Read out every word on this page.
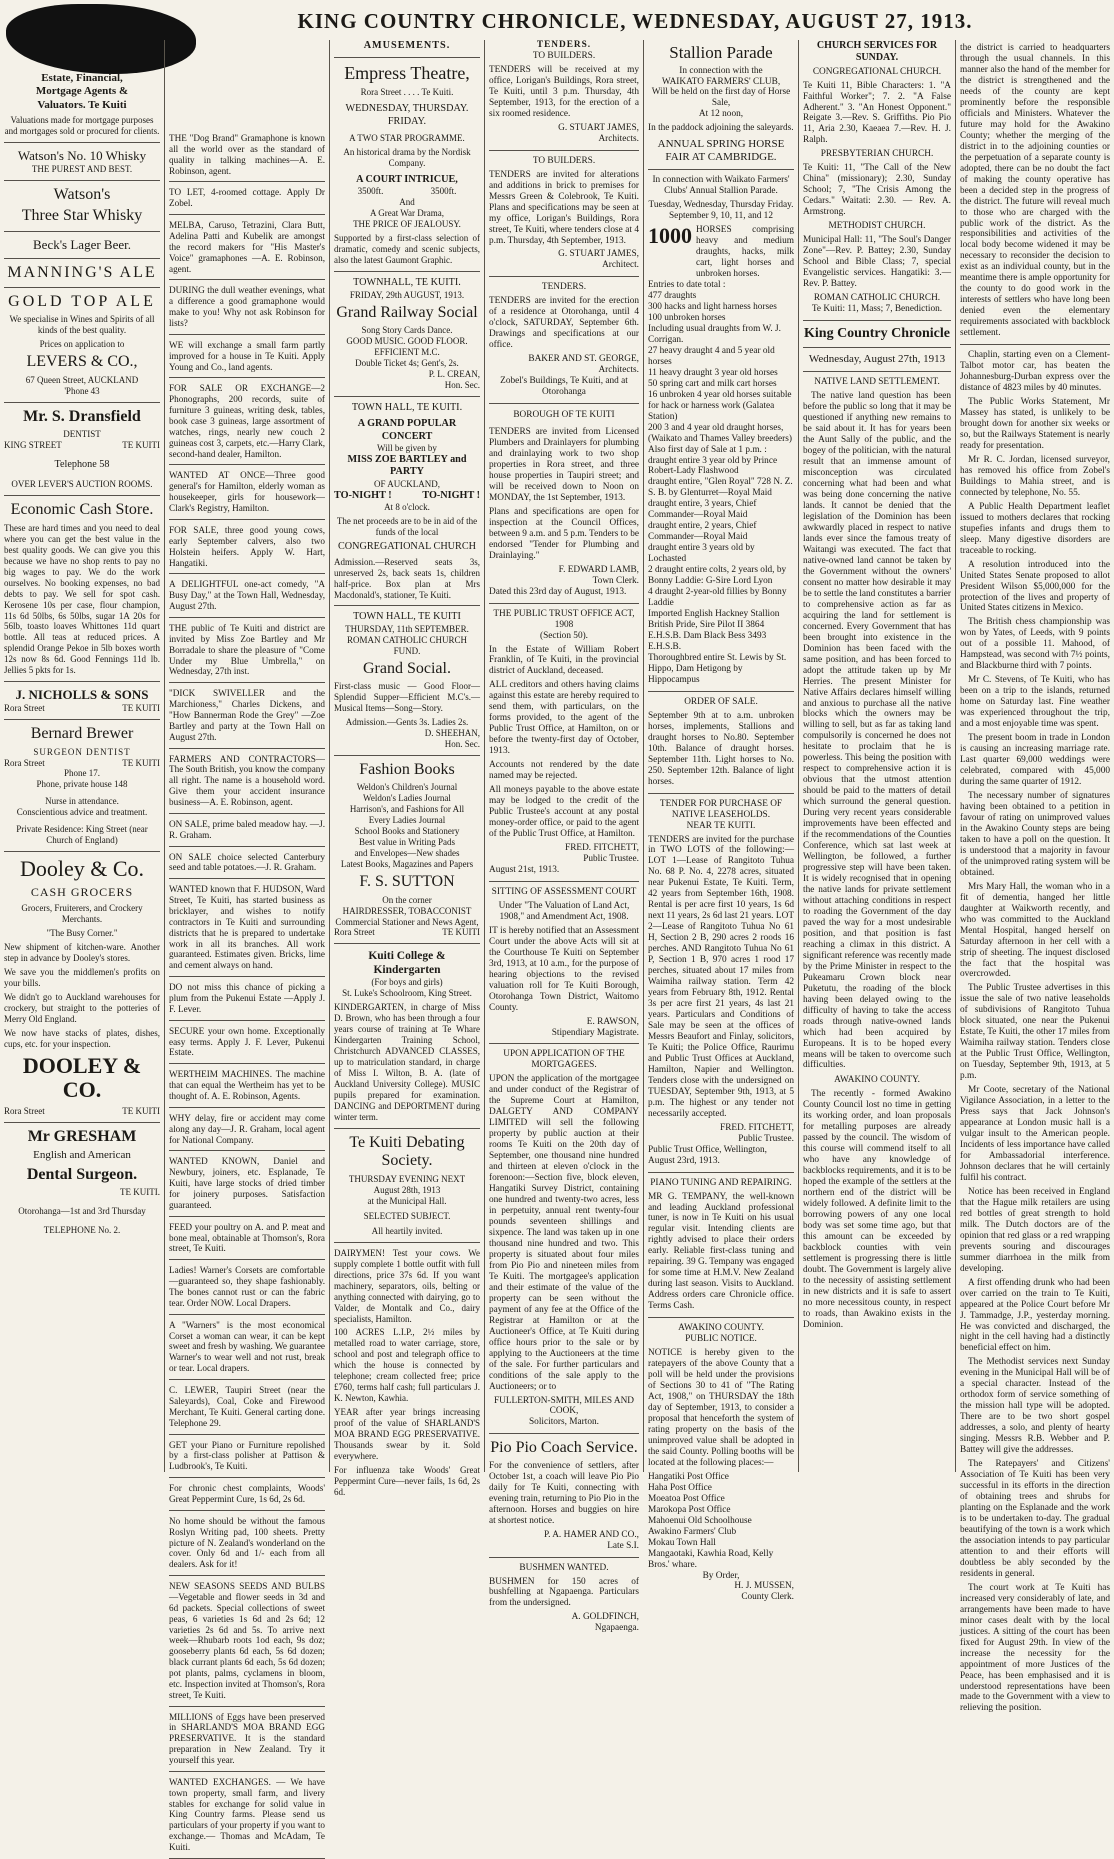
KING COUNTRY CHRONICLE, WEDNESDAY, AUGUST 27, 1913.
Estate, Financial,
Mortgage Agents &
Valuators. Te Kuiti

Valuations made for mortgage purposes and mortgages sold or procured for clients.

Watson's No. 10 Whisky
THE PUREST AND BEST.
Watson's
Three Star Whisky
Beck's Lager Beer.
MANNING'S ALE
GOLD TOP ALE

We specialise in Wines and Spirits of all kinds of the best quality.

Prices on application to

LEVERS & CO.,
67 Queen Street, AUCKLAND
'Phone 43
Mr. S. Dransfield
DENTIST
KING STREET	TE KUITI
Telephone 58
OVER LEVER'S AUCTION ROOMS.
Economic Cash Store.

These are hard times and you need to deal where you can get the best value in the best quality goods. We can give you this because we have no shop rents to pay no big wages to pay. We do the work ourselves. No booking expenses, no bad debts to pay. We sell for spot cash. Kerosene 10s per case, flour champion, 11s 6d 50lbs, 6s 50lbs, sugar 1A 20s for 56lb, toasto loaves Whittones 11d quart bottle. All teas at reduced prices. A splendid Orange Pekoe in 5lb boxes worth 12s now 8s 6d. Good Fennings 11d lb. Jellies 5 pkts for 1s.

J. NICHOLLS & SONS
Rora Street	TE KUITI
Bernard Brewer
SURGEON DENTIST
Rora Street	TE KUITI
Phone 17.
Phone, private house 148
Nurse in attendance.
Conscientious advice and treatment.
Private Residence: King Street (near Church of England)
Dooley & Co.
CASH GROCERS

Grocers, Fruiterers, and Crockery Merchants.

"The Busy Corner."

New shipment of kitchen-ware. Another step in advance by Dooley's stores.

We save you the middlemen's profits on your bills.

We didn't go to Auckland warehouses for crockery, but straight to the potteries of Merry Old England.

We now have stacks of plates, dishes, cups, etc. for your inspection.

DOOLEY & CO.
Rora Street	TE KUITI
Mr GRESHAM
English and American
Dental Surgeon.
TE KUITI.
Otorohanga—1st and 3rd Thursday
TELEPHONE No. 2.

THE "Dog Brand" Gramaphone is known all the world over as the standard of quality in talking machines—A. E. Robinson, agent.

TO LET, 4-roomed cottage. Apply Dr Zobel.

MELBA, Caruso, Tetrazini, Clara Butt, Adelina Patti and Kubelik are amongst the record makers for "His Master's Voice" gramaphones —A. E. Robinson, agent.

DURING the dull weather evenings, what a difference a good gramaphone would make to you! Why not ask Robinson for lists?

WE will exchange a small farm partly improved for a house in Te Kuiti. Apply Young and Co., land agents.

FOR SALE OR EXCHANGE—2 Phonographs, 200 records, suite of furniture 3 guineas, writing desk, tables, book case 3 guineas, large assortment of watches, rings, nearly new couch 2 guineas cost 3, carpets, etc.—Harry Clark, second-hand dealer, Hamilton.

WANTED AT ONCE—Three good general's for Hamilton, elderly woman as housekeeper, girls for housework—Clark's Registry, Hamilton.

FOR SALE, three good young cows, early September calvers, also two Holstein heifers. Apply W. Hart, Hangatiki.

A DELIGHTFUL one-act comedy, "A Busy Day," at the Town Hall, Wednesday, August 27th.

THE public of Te Kuiti and district are invited by Miss Zoe Bartley and Mr Borradale to share the pleasure of "Come Under my Blue Umbrella," on Wednesday, 27th inst.

"DICK SWIVELLER and the Marchioness," Charles Dickens, and "How Bannerman Rode the Grey" —Zoe Bartley and party at the Town Hall on August 27th.

FARMERS AND CONTRACTORS—The South British, you know the company all right. The name is a household word. Give them your accident insurance business—A. E. Robinson, agent.

ON SALE, prime baled meadow hay. —J. R. Graham.

ON SALE choice selected Canterbury seed and table potatoes.—J. R. Graham.

WANTED known that F. HUDSON, Ward Street, Te Kuiti, has started business as bricklayer, and wishes to notify contractors in Te Kuiti and surrounding districts that he is prepared to undertake work in all its branches. All work guaranteed. Estimates given. Bricks, lime and cement always on hand.

DO not miss this chance of picking a plum from the Pukenui Estate —Apply J. F. Lever.

SECURE your own home. Exceptionally easy terms. Apply J. F. Lever, Pukenui Estate.

WERTHEIM MACHINES. The machine that can equal the Wertheim has yet to be thought of. A. E. Robinson, Agents.

WHY delay, fire or accident may come along any day—J. R. Graham, local agent for National Company.

WANTED KNOWN, Daniel and Newbury, joiners, etc. Esplanade, Te Kuiti, have large stocks of dried timber for joinery purposes. Satisfaction guaranteed.

FEED your poultry on A. and P. meat and bone meal, obtainable at Thomson's, Rora street, Te Kuiti.

Ladies! Warner's Corsets are comfortable—guaranteed so, they shape fashionably. The bones cannot rust or can the fabric tear. Order NOW. Local Drapers.

A "Warners" is the most economical Corset a woman can wear, it can be kept sweet and fresh by washing. We guarantee Warner's to wear well and not rust, break or tear. Local drapers.

C. LEWER, Taupiri Street (near the Saleyards), Coal, Coke and Firewood Merchant, Te Kuiti. General carting done. Telephone 29.

GET your Piano or Furniture repolished by a first-class polisher at Pattison & Ludbrook's, Te Kuiti.

For chronic chest complaints, Woods' Great Peppermint Cure, 1s 6d, 2s 6d.

No home should be without the famous Roslyn Writing pad, 100 sheets. Pretty picture of N. Zealand's wonderland on the cover. Only 6d and 1/- each from all dealers. Ask for it!

NEW SEASONS SEEDS AND BULBS—Vegetable and flower seeds in 3d and 6d packets. Special collections of sweet peas, 6 varieties 1s 6d and 2s 6d; 12 varieties 2s 6d and 5s. To arrive next week—Rhubarb roots 1od each, 9s doz; gooseberry plants 6d each, 5s 6d dozen; black currant plants 6d each, 5s 6d dozen; pot plants, palms, cyclamens in bloom, etc. Inspection invited at Thomson's, Rora street, Te Kuiti.

MILLIONS of Eggs have been preserved in SHARLAND'S MOA BRAND EGG PRESERVATIVE. It is the standard preparation in New Zealand. Try it yourself this year.

WANTED EXCHANGES. — We have town property, small farm, and livery stables for exchange for solid value in King Country farms. Please send us particulars of your property if you want to exchange.— Thomas and McAdam, Te Kuiti.

AMUSEMENTS.
Empress Theatre,
Rora Street . . . . Te Kuiti.
WEDNESDAY, THURSDAY. FRIDAY.
A TWO STAR PROGRAMME.

An historical drama by the Nordisk Company.

A COURT INTRICUE,
3500ft.	3500ft.
And
A Great War Drama,
THE PRICE OF JEALOUSY.

Supported by a first-class selection of dramatic, comedy and scenic subjects, also the latest Gaumont Graphic.

TOWNHALL, TE KUITI.
FRIDAY, 29th AUGUST, 1913.
Grand Railway Social
Song Story Cards Dance.
GOOD MUSIC. GOOD FLOOR. EFFICIENT M.C.
Double Ticket 4s; Gent's, 2s.
P. L. CREAN,
Hon. Sec.
TOWN HALL, TE KUITI.
A GRAND POPULAR CONCERT
Will be given by
MISS ZOE BARTLEY and PARTY
OF AUCKLAND,
TO-NIGHT !	TO-NIGHT !
At 8 o'clock.

The net proceeds are to be in aid of the funds of the local

CONGREGATIONAL CHURCH

Admission.—Reserved seats 3s, unreserved 2s, back seats 1s, children half-price. Box plan at Mrs Macdonald's, stationer, Te Kuiti.

TOWN HALL, TE KUITI
THURSDAY, 11th SEPTEMBER.
ROMAN CATHOLIC CHURCH FUND.
Grand Social.

First-class music — Good Floor— Splendid Supper—Efficient M.C's.— Musical Items—Song—Story.

Admission.—Gents 3s. Ladies 2s.
D. SHEEHAN,
Hon. Sec.
Fashion Books
Weldon's Children's Journal
Weldon's Ladies Journal
Harrison's, and Fashions for All
Every Ladies Journal
School Books and Stationery
Best value in Writing Pads
and Envelopes—New shades
Latest Books, Magazines and Papers
F. S. SUTTON
On the corner
HAIRDRESSER, TOBACCONIST
Commercial Stationer and News Agent,
Rora Street	TE KUITI
Kuiti College & Kindergarten
(For boys and girls)
St. Luke's Schoolroom, King Street.

KINDERGARTEN, in charge of Miss D. Brown, who has been through a four years course of training at Te Whare Kindergarten Training School, Christchurch ADVANCED CLASSES, up to matriculation standard, in charge of Miss I. Wilton, B. A. (late of Auckland University College). MUSIC pupils prepared for examination. DANCING and DEPORTMENT during winter term.

Te Kuiti Debating Society.
THURSDAY EVENING NEXT
August 28th, 1913
at the Municipal Hall.
SELECTED SUBJECT.
All heartily invited.

DAIRYMEN! Test your cows. We supply complete 1 bottle outfit with full directions, price 37s 6d. If you want machinery, separators, oils, belting or anything connected with dairying, go to Valder, de Montalk and Co., dairy specialists, Hamilton.

100 ACRES L.I.P., 2½ miles by metalled road to water carriage, store, school and post and telegraph office to which the house is connected by telephone; cream collected free; price £760, terms half cash; full particulars J. K. Newton, Kawhia.

YEAR after year brings increasing proof of the value of SHARLAND'S MOA BRAND EGG PRESERVATIVE. Thousands swear by it. Sold everywhere.

For influenza take Woods' Great Peppermint Cure—never fails, 1s 6d, 2s 6d.

TENDERS.
TO BUILDERS.

TENDERS will be received at my office, Lorigan's Buildings, Rora street, Te Kuiti, until 3 p.m. Thursday, 4th September, 1913, for the erection of a six roomed residence.

G. STUART JAMES,
Architects.
TO BUILDERS.

TENDERS are invited for alterations and additions in brick to premises for Messrs Green & Colebrook, Te Kuiti. Plans and specifications may be seen at my office, Lorigan's Buildings, Rora street, Te Kuiti, where tenders close at 4 p.m. Thursday, 4th September, 1913.

G. STUART JAMES,
Architect.
TENDERS.

TENDERS are invited for the erection of a residence at Otorohanga, until 4 o'clock, SATURDAY, September 6th. Drawings and specifications at our office.

BAKER AND ST. GEORGE,
Architects.
Zobel's Buildings, Te Kuiti, and at Otorohanga
BOROUGH OF TE KUITI

TENDERS are invited from Licensed Plumbers and Drainlayers for plumbing and drainlaying work to two shop properties in Rora street, and three house properties in Taupiri street; and will be received down to Noon on MONDAY, the 1st September, 1913.

Plans and specifications are open for inspection at the Council Offices, between 9 a.m. and 5 p.m. Tenders to be endorsed "Tender for Plumbing and Drainlaying."

F. EDWARD LAMB,
Town Clerk.
Dated this 23rd day of August, 1913.
THE PUBLIC TRUST OFFICE ACT, 1908
(Section 50).

In the Estate of William Robert Franklin, of Te Kuiti, in the provincial district of Auckland, deceased.

ALL creditors and others having claims against this estate are hereby required to send them, with particulars, on the forms provided, to the agent of the Public Trust Office, at Hamilton, on or before the twenty-first day of October, 1913.

Accounts not rendered by the date named may be rejected.

All moneys payable to the above estate may be lodged to the credit of the Public Trustee's account at any postal money-order office, or paid to the agent of the Public Trust Office, at Hamilton.

FRED. FITCHETT,
Public Trustee.
August 21st, 1913.
SITTING OF ASSESSMENT COURT

Under "The Valuation of Land Act, 1908," and Amendment Act, 1908.

IT is hereby notified that an Assessment Court under the above Acts will sit at the Courthouse Te Kuiti on September 3rd, 1913, at 10 a.m., for the purpose of hearing objections to the revised valuation roll for Te Kuiti Borough, Otorohanga Town District, Waitomo County.

E. RAWSON,
Stipendiary Magistrate.
UPON APPLICATION OF THE MORTGAGEES.

UPON the application of the mortgagee and under conduct of the Registrar of the Supreme Court at Hamilton, DALGETY AND COMPANY LIMITED will sell the following property by public auction at their rooms Te Kuiti on the 20th day of September, one thousand nine hundred and thirteen at eleven o'clock in the forenoon:—Section five, block eleven, Hangatiki Survey District, containing one hundred and twenty-two acres, less in perpetuity, annual rent twenty-four pounds seventeen shillings and sixpence. The land was taken up in one thousand nine hundred and two. This property is situated about four miles from Pio Pio and nineteen miles from Te Kuiti. The mortgagee's application and their estimate of the value of the property can be seen without the payment of any fee at the Office of the Registrar at Hamilton or at the Auctioneer's Office, at Te Kuiti during office hours prior to the sale or by applying to the Auctioneers at the time of the sale. For further particulars and conditions of the sale apply to the Auctioneers; or to

FULLERTON-SMITH, MILES AND COOK,
Solicitors, Marton.
Pio Pio Coach Service.

For the convenience of settlers, after October 1st, a coach will leave Pio Pio daily for Te Kuiti, connecting with evening train, returning to Pio Pio in the afternoon. Horses and buggies on hire at shortest notice.

P. A. HAMER AND CO.,
Late S.I.
BUSHMEN WANTED.

BUSHMEN for 150 acres of bushfelling at Ngapaenga. Particulars from the undersigned.

A. GOLDFINCH,
Ngapaenga.
Stallion Parade
In connection with the
WAIKATO FARMERS' CLUB,
Will be held on the first day of Horse Sale,
At 12 noon,

In the paddock adjoining the saleyards.

ANNUAL SPRING HORSE FAIR AT CAMBRIDGE.

In connection with Waikato Farmers' Clubs' Annual Stallion Parade.

Tuesday, Wednesday, Thursday Friday. September 9, 10, 11, and 12

1000 HORSES comprising heavy and medium draughts, hacks, milk cart, light horses and unbroken horses.
Entries to date total :
477 draughts
300 hacks and light harness horses
100 unbroken horses
Including usual draughts from W. J. Corrigan.
27 heavy draught 4 and 5 year old horses
11 heavy draught 3 year old horses
50 spring cart and milk cart horses
16 unbroken 4 year old horses suitable for hack or harness work (Galatea Station)
200 3 and 4 year old draught horses, (Waikato and Thames Valley breeders)
Also first day of Sale at 1 p.m. :
draught entire 3 year old by Prince Robert-Lady Flashwood
draught entire, "Glen Royal" 728 N. Z. S. B. by Glenturret—Royal Maid
draught entire, 3 years, Chief Commander—Royal Maid
draught entire, 2 years, Chief Commander—Royal Maid
draught entire 3 years old by Lochasted
2 draught entire colts, 2 years old, by Bonny Laddie: G-Sire Lord Lyon
4 draught 2-year-old fillies by Bonny Laddie
Imported English Hackney Stallion British Pride, Sire Pilot II 3864 E.H.S.B. Dam Black Bess 3493 E.H.S.B.
Thoroughbred entire St. Lewis by St. Hippo, Dam Hetigong by Hippocampus
ORDER OF SALE.

September 9th at to a.m. unbroken horses, implements, Stallions and draught horses to No.80. September 10th. Balance of draught horses. September 11th. Light horses to No. 250. September 12th. Balance of light horses.

TENDER FOR PURCHASE OF NATIVE LEASEHOLDS.
NEAR TE KUITI.

TENDERS are invited for the purchase in TWO LOTS of the following:— LOT 1—Lease of Rangitoto Tuhua No. 68 P. No. 4, 2278 acres, situated near Pukenui Estate, Te Kuiti. Term, 42 years from September 16th, 1908. Rental is per acre first 10 years, 1s 6d next 11 years, 2s 6d last 21 years. LOT 2—Lease of Rangitoto Tuhua No 61 H, Section 2 B, 290 acres 2 roods 16 perches. AND Rangitoto Tuhua No 61 P, Section 1 B, 970 acres 1 rood 17 perches, situated about 17 miles from Waimiha railway station. Term 42 years from February 8th, 1912. Rental 3s per acre first 21 years, 4s last 21 years. Particulars and Conditions of Sale may be seen at the offices of Messrs Beaufort and Finlay, solicitors, Te Kuiti; the Police Office, Raurimu and Public Trust Offices at Auckland, Hamilton, Napier and Wellington. Tenders close with the undersigned on TUESDAY, September 9th, 1913, at 5 p.m. The highest or any tender not necessarily accepted.

FRED. FITCHETT,
Public Trustee.
Public Trust Office, Wellington, August 23rd, 1913.
PIANO TUNING AND REPAIRING.

MR G. TEMPANY, the well-known and leading Auckland professional tuner, is now in Te Kuiti on his usual regular visit. Intending clients are rightly advised to place their orders early. Reliable first-class tuning and repairing. 39 G. Tempany was engaged for some time at H.M.V. New Zealand during last season. Visits to Auckland. Address orders care Chronicle office. Terms Cash.

AWAKINO COUNTY.
PUBLIC NOTICE.

NOTICE is hereby given to the ratepayers of the above County that a poll will be held under the provisions of Sections 30 to 41 of "The Rating Act, 1908," on THURSDAY the 18th day of September, 1913, to consider a proposal that henceforth the system of rating property on the basis of the unimproved value shall be adopted in the said County. Polling booths will be located at the following places:—

Hangatiki Post Office
Haha Post Office
Moeatoa Post Office
Marokopa Post Office
Mahoenui Old Schoolhouse
Awakino Farmers' Club
Mokau Town Hall
Mangaotaki, Kawhia Road, Kelly Bros.' whare.
By Order,
H. J. MUSSEN,
County Clerk.
CHURCH SERVICES FOR SUNDAY.
CONGREGATIONAL CHURCH.

Te Kuiti 11, Bible Characters: 1. "A Faithful Worker"; 7. 2. "A False Adherent." 3. "An Honest Opponent." Reigate 3.—Rev. S. Griffiths. Pio Pio 11, Aria 2.30, Kaeaea 7.—Rev. H. J. Ralph.

PRESBYTERIAN CHURCH.

Te Kuiti: 11, "The Call of the New China" (missionary); 2.30, Sunday School; 7, "The Crisis Among the Cedars." Waitati: 2.30. — Rev. A. Armstrong.

METHODIST CHURCH.

Municipal Hall: 11, "The Soul's Danger Zone"—Rev. P. Battey; 2.30, Sunday School and Bible Class; 7, special Evangelistic services. Hangatiki: 3.—Rev. P. Battey.

ROMAN CATHOLIC CHURCH.
Te Kuiti: 11, Mass; 7, Benediction.
King Country Chronicle
Wednesday, August 27th, 1913
NATIVE LAND SETTLEMENT.

The native land question has been before the public so long that it may be questioned if anything new remains to be said about it. It has for years been the Aunt Sally of the public, and the bogey of the politician, with the natural result that an immense amount of misconception was circulated concerning what had been and what was being done concerning the native lands. It cannot be denied that the legislation of the Dominion has been awkwardly placed in respect to native lands ever since the famous treaty of Waitangi was executed. The fact that native-owned land cannot be taken by the Government without the owners' consent no matter how desirable it may be to settle the land constitutes a barrier to comprehensive action as far as acquiring the land for settlement is concerned. Every Government that has been brought into existence in the Dominion has been faced with the same position, and has been forced to adopt the attitude taken up by Mr Herries. The present Minister for Native Affairs declares himself willing and anxious to purchase all the native blocks which the owners may be willing to sell, but as far as taking land compulsorily is concerned he does not hesitate to proclaim that he is powerless. This being the position with respect to comprehensive action it is obvious that the utmost attention should be paid to the matters of detail which surround the general question. During very recent years considerable improvements have been effected and if the recommendations of the Counties Conference, which sat last week at Wellington, be followed, a further progressive step will have been taken. It is widely recognised that in opening the native lands for private settlement without attaching conditions in respect to roading the Government of the day paved the way for a most undesirable position, and that position is fast reaching a climax in this district. A significant reference was recently made by the Prime Minister in respect to the Pukeamaru Crown block near Puketutu, the roading of the block having been delayed owing to the difficulty of having to take the access roads through native-owned lands which had been acquired by Europeans. It is to be hoped every means will be taken to overcome such difficulties.

AWAKINO COUNTY.

The recently - formed Awakino County Council lost no time in getting its working order, and loan proposals for metalling purposes are already passed by the council. The wisdom of this course will commend itself to all who have any knowledge of backblocks requirements, and it is to be hoped the example of the settlers at the northern end of the district will be widely followed. A definite limit to the borrowing powers of any one local body was set some time ago, but that this amount can be exceeded by backblock counties with vein settlement is progressing there is little doubt. The Government is largely alive to the necessity of assisting settlement in new districts and it is safe to assert no more necessitous county, in respect to roads, than Awakino exists in the Dominion.

the district is carried to headquarters through the usual channels. In this manner also the hand of the member for the district is strengthened and the needs of the county are kept prominently before the responsible officials and Ministers. Whatever the future may hold for the Awakino County; whether the merging of the district in to the adjoining counties or the perpetuation of a separate county is adopted, there can be no doubt the fact of making the county operative has been a decided step in the progress of the district. The future will reveal much to those who are charged with the public work of the district. As the responsibilities and activities of the local body become widened it may be necessary to reconsider the decision to exist as an individual county, but in the meantime there is ample opportunity for the county to do good work in the interests of settlers who have long been denied even the elementary requirements associated with backblock settlement.

Chaplin, starting even on a Clement-Talbot motor car, has beaten the Johannesburg-Durban express over the distance of 4823 miles by 40 minutes.

The Public Works Statement, Mr Massey has stated, is unlikely to be brought down for another six weeks or so, but the Railways Statement is nearly ready for presentation.

Mr R. C. Jordan, licensed surveyor, has removed his office from Zobel's Buildings to Mahia street, and is connected by telephone, No. 55.

A Public Health Department leaflet issued to mothers declares that rocking stupefies infants and drugs them to sleep. Many digestive disorders are traceable to rocking.

A resolution introduced into the United States Senate proposed to allot President Wilson $5,000,000 for the protection of the lives and property of United States citizens in Mexico.

The British chess championship was won by Yates, of Leeds, with 9 points out of a possible 11. Mahood, of Hampstead, was second with 7½ points, and Blackburne third with 7 points.

Mr C. Stevens, of Te Kuiti, who has been on a trip to the islands, returned home on Saturday last. Fine weather was experienced throughout the trip, and a most enjoyable time was spent.

The present boom in trade in London is causing an increasing marriage rate. Last quarter 69,000 weddings were celebrated, compared with 45,000 during the same quarter of 1912.

The necessary number of signatures having been obtained to a petition in favour of rating on unimproved values in the Awakino County steps are being taken to have a poll on the question. It is understood that a majority in favour of the unimproved rating system will be obtained.

Mrs Mary Hall, the woman who in a fit of dementia, hanged her little daughter at Waikworth recently, and who was committed to the Auckland Mental Hospital, hanged herself on Saturday afternoon in her cell with a strip of sheeting. The inquest disclosed the fact that the hospital was overcrowded.

The Public Trustee advertises in this issue the sale of two native leaseholds of subdivisions of Rangitoto Tuhua block situated, one near the Pukenui Estate, Te Kuiti, the other 17 miles from Waimiha railway station. Tenders close at the Public Trust Office, Wellington, on Tuesday, September 9th, 1913, at 5 p.m.

Mr Coote, secretary of the National Vigilance Association, in a letter to the Press says that Jack Johnson's appearance at London music hall is a vulgar insult to the American people. Incidents of less importance have called for Ambassadorial interference. Johnson declares that he will certainly fulfil his contract.

Notice has been received in England that the Hague milk retailers are using red bottles of great strength to hold milk. The Dutch doctors are of the opinion that red glass or a red wrapping prevents souring and discourages summer diarrhoea in the milk from developing.

A first offending drunk who had been over carried on the train to Te Kuiti, appeared at the Police Court before Mr J. Tammadge, J.P., yesterday morning. He was convicted and discharged, the night in the cell having had a distinctly beneficial effect on him.

The Methodist services next Sunday evening in the Municipal Hall will be of a special character. Instead of the orthodox form of service something of the mission hall type will be adopted. There are to be two short gospel addresses, a solo, and plenty of hearty singing. Messrs R.B. Webber and P. Battey will give the addresses.

The Ratepayers' and Citizens' Association of Te Kuiti has been very successful in its efforts in the direction of obtaining trees and shrubs for planting on the Esplanade and the work is to be undertaken to-day. The gradual beautifying of the town is a work which the association intends to pay particular attention to and their efforts will doubtless be ably seconded by the residents in general.

The court work at Te Kuiti has increased very considerably of late, and arrangements have been made to have minor cases dealt with by the local justices. A sitting of the court has been fixed for August 29th. In view of the increase the necessity for the appointment of more Justices of the Peace, has been emphasised and it is understood representations have been made to the Government with a view to relieving the position.
